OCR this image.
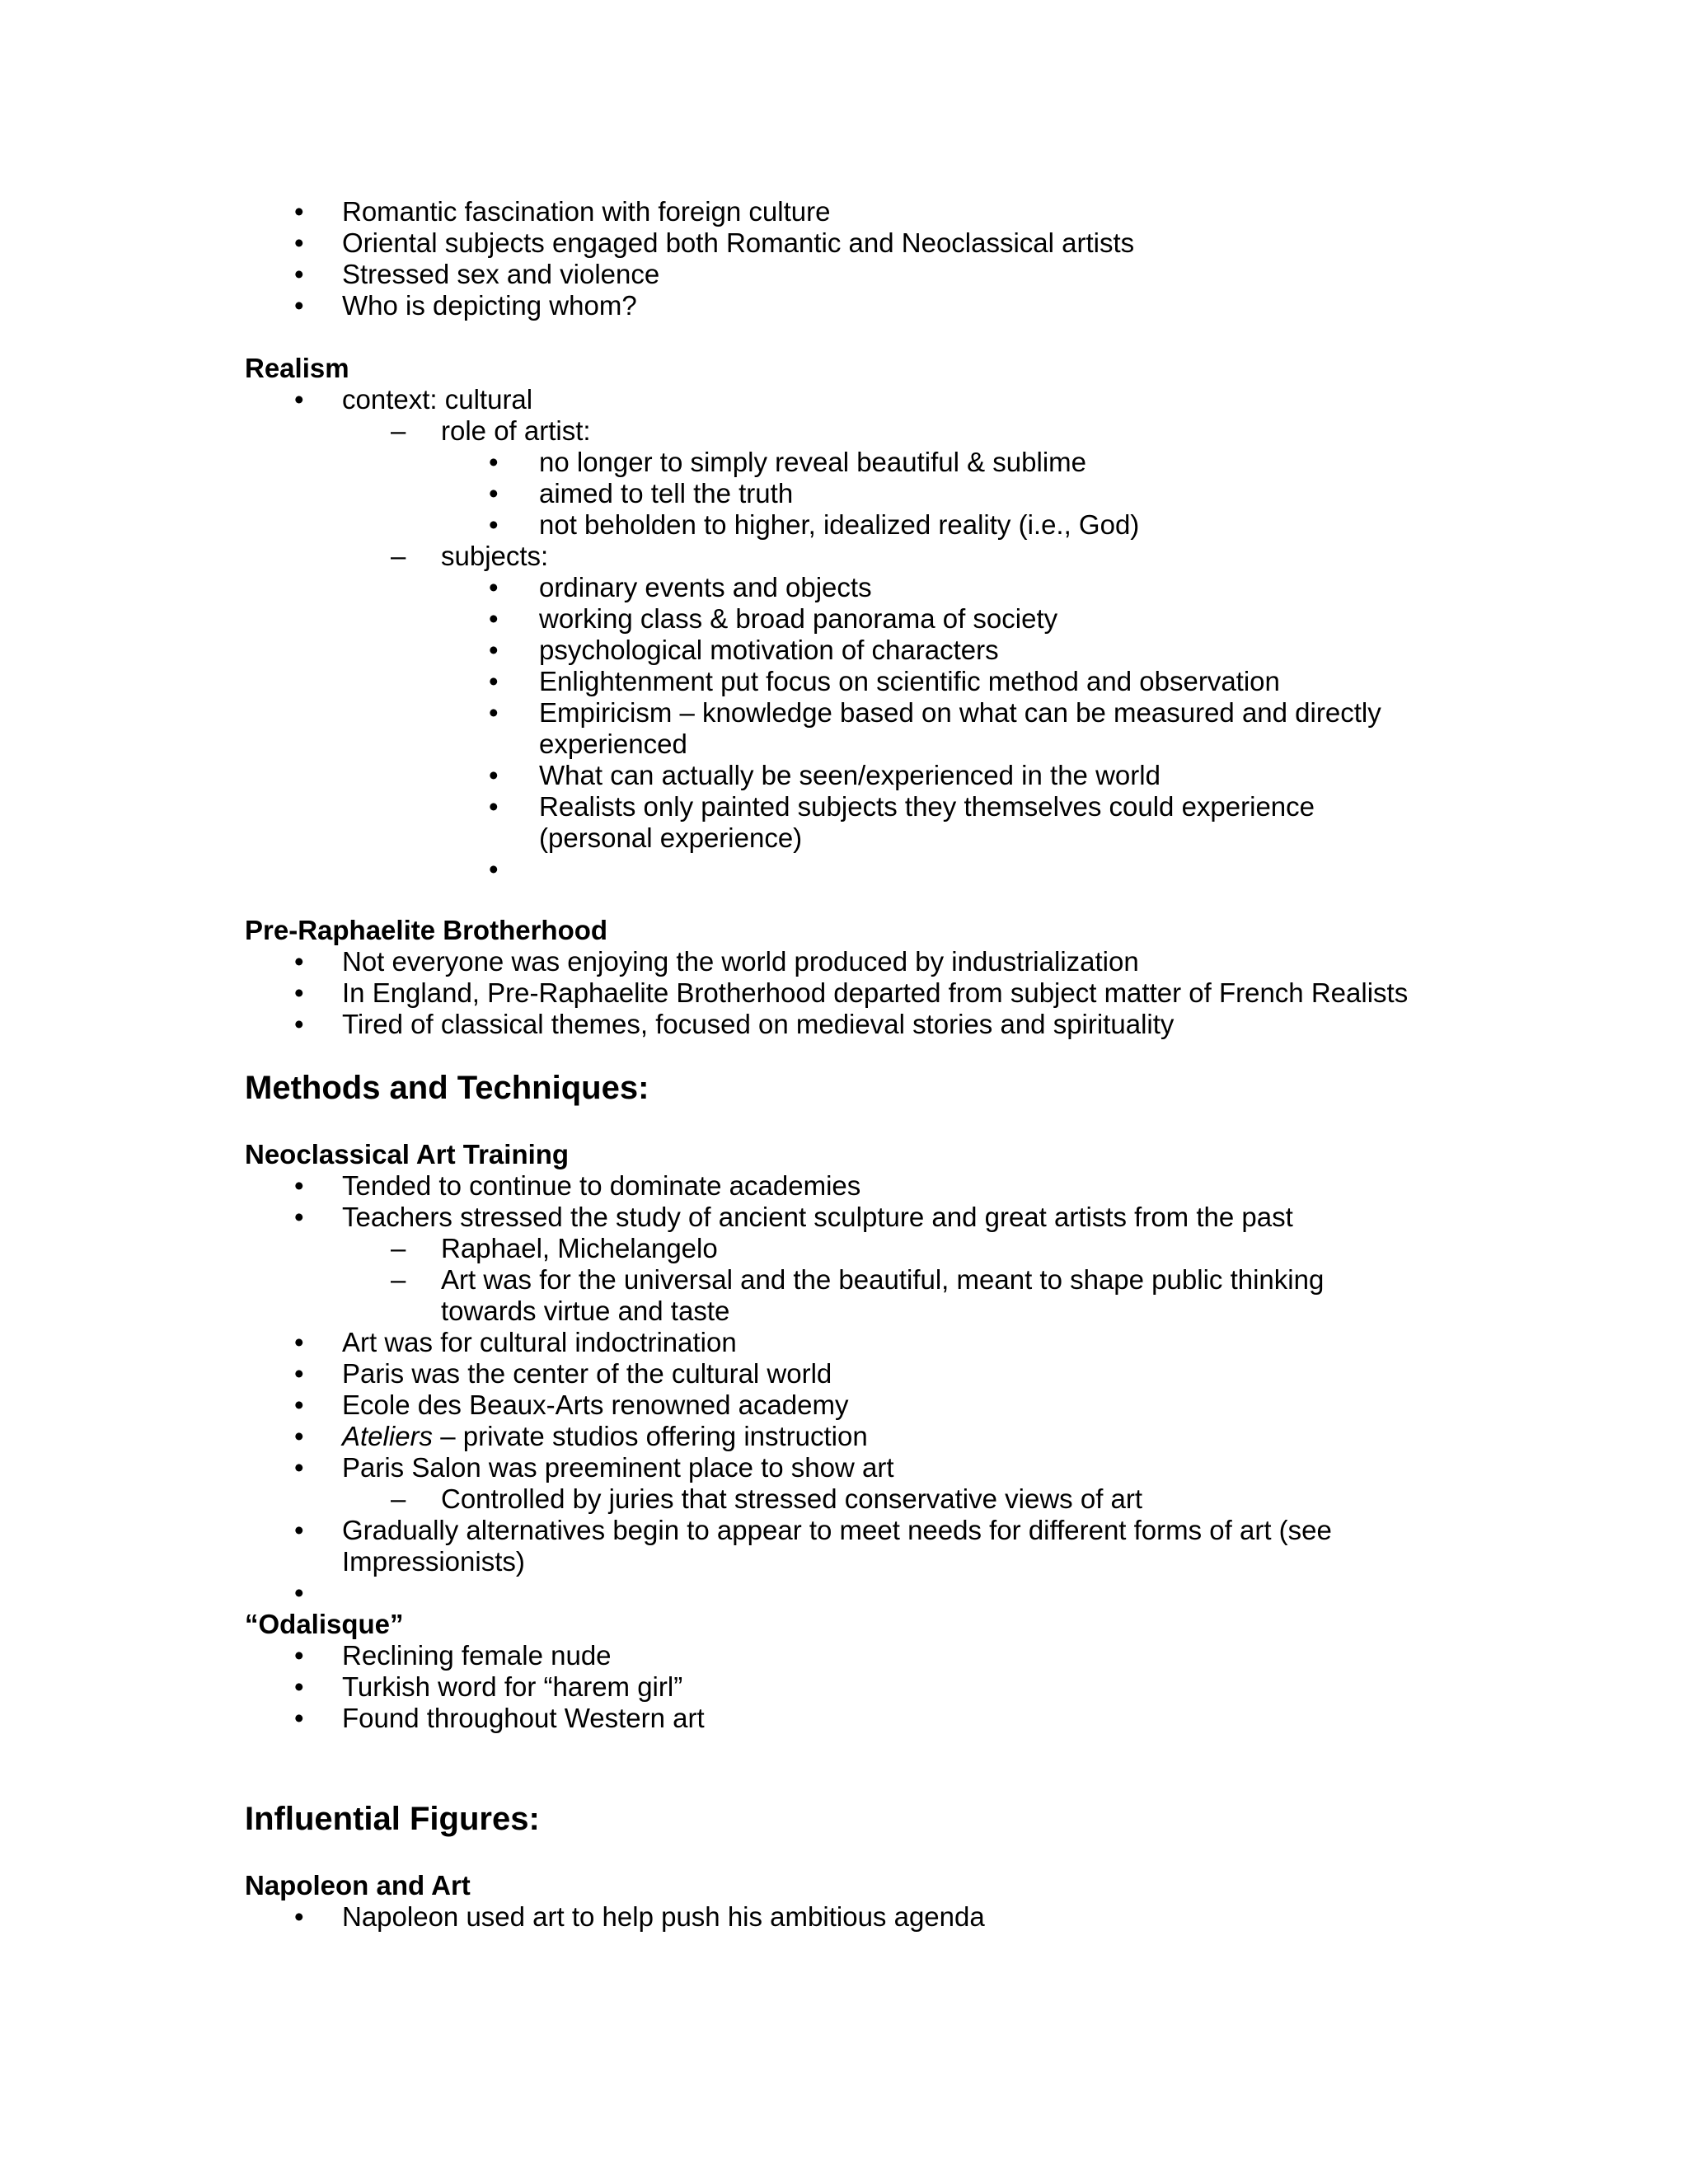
• Romantic fascination with foreign culture
• Oriental subjects engaged both Romantic and Neoclassical artists
• Stressed sex and violence
• Who is depicting whom?
Realism
• context: cultural
– role of artist:
• no longer to simply reveal beautiful & sublime
• aimed to tell the truth
• not beholden to higher, idealized reality (i.e., God)
– subjects:
• ordinary events and objects
• working class & broad panorama of society
• psychological motivation of characters
• Enlightenment put focus on scientific method and observation
• Empiricism – knowledge based on what can be measured and directly
experienced
• What can actually be seen/experienced in the world
• Realists only painted subjects they themselves could experience
(personal experience)
•
Pre-Raphaelite Brotherhood
• Not everyone was enjoying the world produced by industrialization
• In England, Pre-Raphaelite Brotherhood departed from subject matter of French Realists
• Tired of classical themes, focused on medieval stories and spirituality
Methods and Techniques:
Neoclassical Art Training
• Tended to continue to dominate academies
• Teachers stressed the study of ancient sculpture and great artists from the past
– Raphael, Michelangelo
– Art was for the universal and the beautiful, meant to shape public thinking
towards virtue and taste
• Art was for cultural indoctrination
• Paris was the center of the cultural world
• Ecole des Beaux-Arts renowned academy
• Ateliers – private studios offering instruction
• Paris Salon was preeminent place to show art
– Controlled by juries that stressed conservative views of art
• Gradually alternatives begin to appear to meet needs for different forms of art (see
Impressionists)
•
“Odalisque”
• Reclining female nude
• Turkish word for “harem girl”
• Found throughout Western art
Influential Figures:
Napoleon and Art
• Napoleon used art to help push his ambitious agenda
